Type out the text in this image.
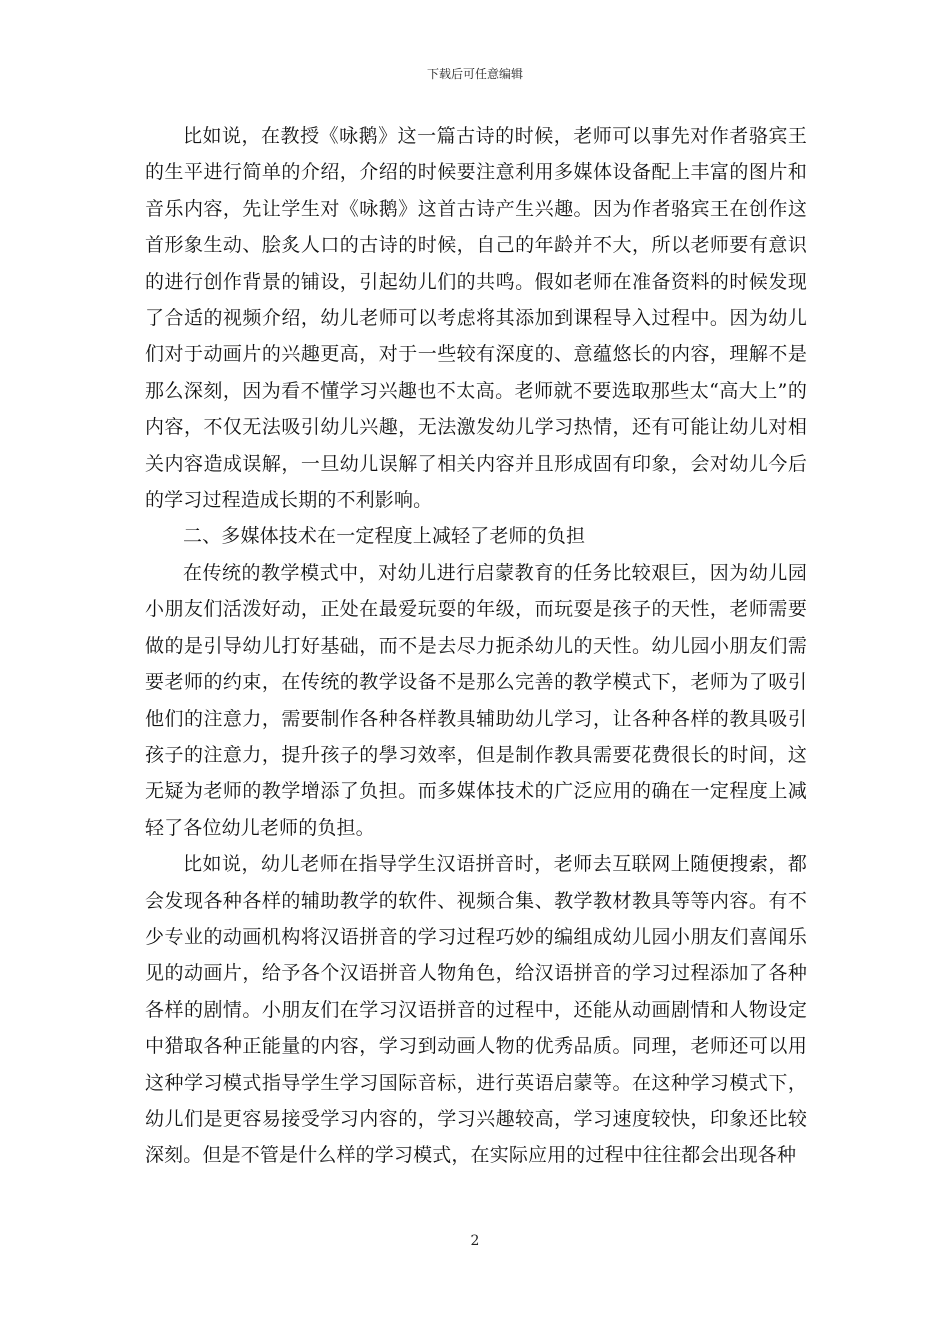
下载后可任意编辑

比如说，在教授《咏鹅》这一篇古诗的时候，老师可以事先对作者骆宾王的生平进行简单的介绍，介绍的时候要注意利用多媒体设备配上丰富的图片和音乐内容，先让学生对《咏鹅》这首古诗产生兴趣。因为作者骆宾王在创作这首形象生动、脍炙人口的古诗的时候，自己的年龄并不大，所以老师要有意识的进行创作背景的铺设，引起幼儿们的共鸣。假如老师在准备资料的时候发现了合适的视频介绍，幼儿老师可以考虑将其添加到课程导入过程中。因为幼儿们对于动画片的兴趣更高，对于一些较有深度的、意蕴悠长的内容，理解不是那么深刻，因为看不懂学习兴趣也不太高。老师就不要选取那些太“高大上”的内容，不仅无法吸引幼儿兴趣，无法激发幼儿学习热情，还有可能让幼儿对相关内容造成误解，一旦幼儿误解了相关内容并且形成固有印象，会对幼儿今后的学习过程造成长期的不利影响。

二、多媒体技术在一定程度上减轻了老师的负担

在传统的教学模式中，对幼儿进行启蒙教育的任务比较艰巨，因为幼儿园小朋友们活泼好动，正处在最爱玩耍的年级，而玩耍是孩子的天性，老师需要做的是引导幼儿打好基础，而不是去尽力扼杀幼儿的天性。幼儿园小朋友们需要老师的约束，在传统的教学设备不是那么完善的教学模式下，老师为了吸引他们的注意力，需要制作各种各样教具辅助幼儿学习，让各种各样的教具吸引孩子的注意力，提升孩子的學习效率，但是制作教具需要花费很长的时间，这无疑为老师的教学增添了负担。而多媒体技术的广泛应用的确在一定程度上减轻了各位幼儿老师的负担。

比如说，幼儿老师在指导学生汉语拼音时，老师去互联网上随便搜索，都会发现各种各样的辅助教学的软件、视频合集、教学教材教具等等内容。有不少专业的动画机构将汉语拼音的学习过程巧妙的编组成幼儿园小朋友们喜闻乐见的动画片，给予各个汉语拼音人物角色，给汉语拼音的学习过程添加了各种各样的剧情。小朋友们在学习汉语拼音的过程中，还能从动画剧情和人物设定中猎取各种正能量的内容，学习到动画人物的优秀品质。同理，老师还可以用这种学习模式指导学生学习国际音标，进行英语启蒙等。在这种学习模式下，幼儿们是更容易接受学习内容的，学习兴趣较高，学习速度较快，印象还比较深刻。但是不管是什么样的学习模式，在实际应用的过程中往往都会出现各种

2
